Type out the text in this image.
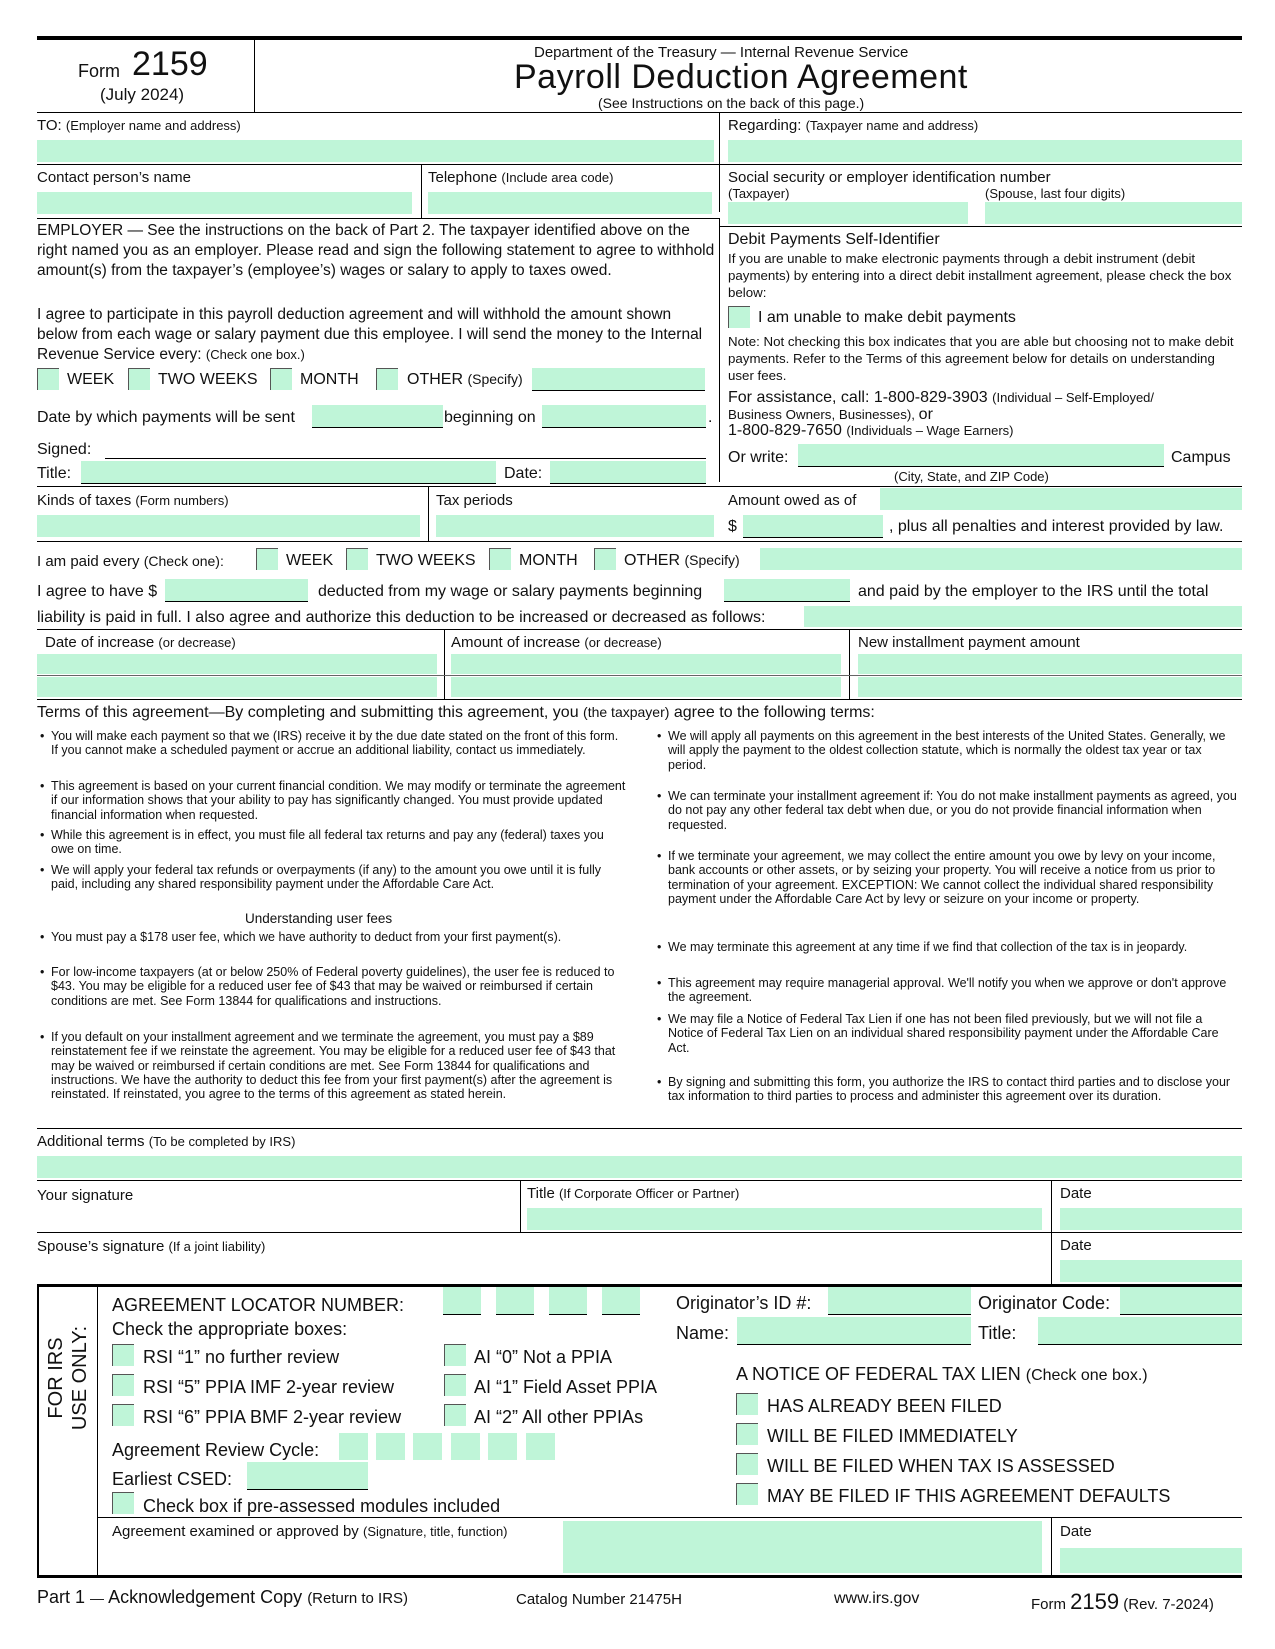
Form 2159
(July 2024)
Department of the Treasury — Internal Revenue Service
Payroll Deduction Agreement
(See Instructions on the back of this page.)
TO: (Employer name and address)
Contact person’s name	Telephone (Include area code)
EMPLOYER — See the instructions on the back of Part 2. The taxpayer identified above on the right named you as an employer. Please read and sign the following statement to agree to withhold amount(s) from the taxpayer’s (employee’s) wages or salary to apply to taxes owed.
I agree to participate in this payroll deduction agreement and will withhold the amount shown below from each wage or salary payment due this employee. I will send the money to the Internal Revenue Service every: (Check one box.)
WEEK	TWO WEEKS	MONTH	OTHER (Specify)
Date by which payments will be sent	beginning on	.
Signed:
Title:	Date:
Regarding: (Taxpayer name and address)
Social security or employer identification number
(Taxpayer)	(Spouse, last four digits)
Debit Payments Self-Identifier
If you are unable to make electronic payments through a debit instrument (debit payments) by entering into a direct debit installment agreement, please check the box below:
I am unable to make debit payments
Note: Not checking this box indicates that you are able but choosing not to make debit payments. Refer to the Terms of this agreement below for details on understanding user fees.
For assistance, call: 1-800-829-3903 (Individual – Self-Employed/
Business Owners, Businesses), or
1-800-829-7650 (Individuals – Wage Earners)
Or write:	Campus
(City, State, and ZIP Code)
Kinds of taxes (Form numbers)	Tax periods	Amount owed as of
$	, plus all penalties and interest provided by law.
I am paid every (Check one):	WEEK	TWO WEEKS	MONTH	OTHER (Specify)
I agree to have $	deducted from my wage or salary payments beginning	and paid by the employer to the IRS until the total
liability is paid in full. I also agree and authorize this deduction to be increased or decreased as follows:
Date of increase (or decrease)	Amount of increase (or decrease)	New installment payment amount
Terms of this agreement—By completing and submitting this agreement, you (the taxpayer) agree to the following terms:
• You will make each payment so that we (IRS) receive it by the due date stated on the front of this form. If you cannot make a scheduled payment or accrue an additional liability, contact us immediately.
• This agreement is based on your current financial condition. We may modify or terminate the agreement if our information shows that your ability to pay has significantly changed. You must provide updated financial information when requested.
• While this agreement is in effect, you must file all federal tax returns and pay any (federal) taxes you owe on time.
• We will apply your federal tax refunds or overpayments (if any) to the amount you owe until it is fully paid, including any shared responsibility payment under the Affordable Care Act.
Understanding user fees
• You must pay a $178 user fee, which we have authority to deduct from your first payment(s).
• For low-income taxpayers (at or below 250% of Federal poverty guidelines), the user fee is reduced to $43. You may be eligible for a reduced user fee of $43 that may be waived or reimbursed if certain conditions are met. See Form 13844 for qualifications and instructions.
• If you default on your installment agreement and we terminate the agreement, you must pay a $89 reinstatement fee if we reinstate the agreement. You may be eligible for a reduced user fee of $43 that may be waived or reimbursed if certain conditions are met. See Form 13844 for qualifications and instructions. We have the authority to deduct this fee from your first payment(s) after the agreement is reinstated. If reinstated, you agree to the terms of this agreement as stated herein.
• We will apply all payments on this agreement in the best interests of the United States. Generally, we will apply the payment to the oldest collection statute, which is normally the oldest tax year or tax period.
• We can terminate your installment agreement if: You do not make installment payments as agreed, you do not pay any other federal tax debt when due, or you do not provide financial information when requested.
• If we terminate your agreement, we may collect the entire amount you owe by levy on your income, bank accounts or other assets, or by seizing your property. You will receive a notice from us prior to termination of your agreement. EXCEPTION: We cannot collect the individual shared responsibility payment under the Affordable Care Act by levy or seizure on your income or property.
• We may terminate this agreement at any time if we find that collection of the tax is in jeopardy.
• This agreement may require managerial approval. We'll notify you when we approve or don't approve the agreement.
• We may file a Notice of Federal Tax Lien if one has not been filed previously, but we will not file a Notice of Federal Tax Lien on an individual shared responsibility payment under the Affordable Care Act.
• By signing and submitting this form, you authorize the IRS to contact third parties and to disclose your tax information to third parties to process and administer this agreement over its duration.
Additional terms (To be completed by IRS)
Your signature	Title (If Corporate Officer or Partner)	Date
Spouse’s signature (If a joint liability)	Date
FOR IRS USE ONLY:
AGREEMENT LOCATOR NUMBER:
Check the appropriate boxes:
RSI “1” no further review
RSI “5” PPIA IMF 2-year review
RSI “6” PPIA BMF 2-year review
AI “0” Not a PPIA
AI “1” Field Asset PPIA
AI “2” All other PPIAs
Agreement Review Cycle:
Earliest CSED:
Check box if pre-assessed modules included
Originator’s ID #:	Originator Code:
Name:	Title:
A NOTICE OF FEDERAL TAX LIEN (Check one box.)
HAS ALREADY BEEN FILED
WILL BE FILED IMMEDIATELY
WILL BE FILED WHEN TAX IS ASSESSED
MAY BE FILED IF THIS AGREEMENT DEFAULTS
Agreement examined or approved by (Signature, title, function)	Date
Part 1 — Acknowledgement Copy (Return to IRS)	Catalog Number 21475H	www.irs.gov	Form 2159 (Rev. 7-2024)
